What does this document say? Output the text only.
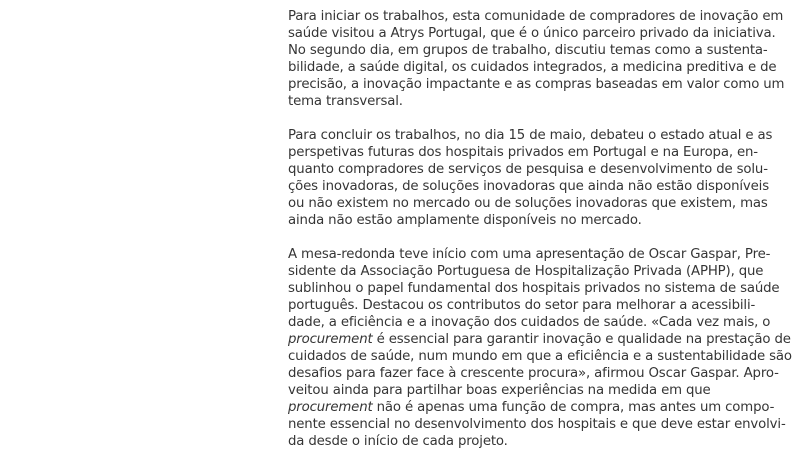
Para iniciar os trabalhos, esta comunidade de compradores de inovação em
saúde visitou a Atrys Portugal, que é o único parceiro privado da iniciativa.
No segundo dia, em grupos de trabalho, discutiu temas como a sustenta-
bilidade, a saúde digital, os cuidados integrados, a medicina preditiva e de
precisão, a inovação impactante e as compras baseadas em valor como um
tema transversal.
Para concluir os trabalhos, no dia 15 de maio, debateu o estado atual e as
perspetivas futuras dos hospitais privados em Portugal e na Europa, en-
quanto compradores de serviços de pesquisa e desenvolvimento de solu-
ções inovadoras, de soluções inovadoras que ainda não estão disponíveis
ou não existem no mercado ou de soluções inovadoras que existem, mas
ainda não estão amplamente disponíveis no mercado.
A mesa-redonda teve início com uma apresentação de Oscar Gaspar, Pre-
sidente da Associação Portuguesa de Hospitalização Privada (APHP), que
sublinhou o papel fundamental dos hospitais privados no sistema de saúde
português. Destacou os contributos do setor para melhorar a acessibili-
dade, a eficiência e a inovação dos cuidados de saúde. «Cada vez mais, o
procurement é essencial para garantir inovação e qualidade na prestação de
cuidados de saúde, num mundo em que a eficiência e a sustentabilidade são
desafios para fazer face à crescente procura», afirmou Oscar Gaspar. Apro-
veitou ainda para partilhar boas experiências na medida em que
procurement não é apenas uma função de compra, mas antes um compo-
nente essencial no desenvolvimento dos hospitais e que deve estar envolvi-
da desde o início de cada projeto.
